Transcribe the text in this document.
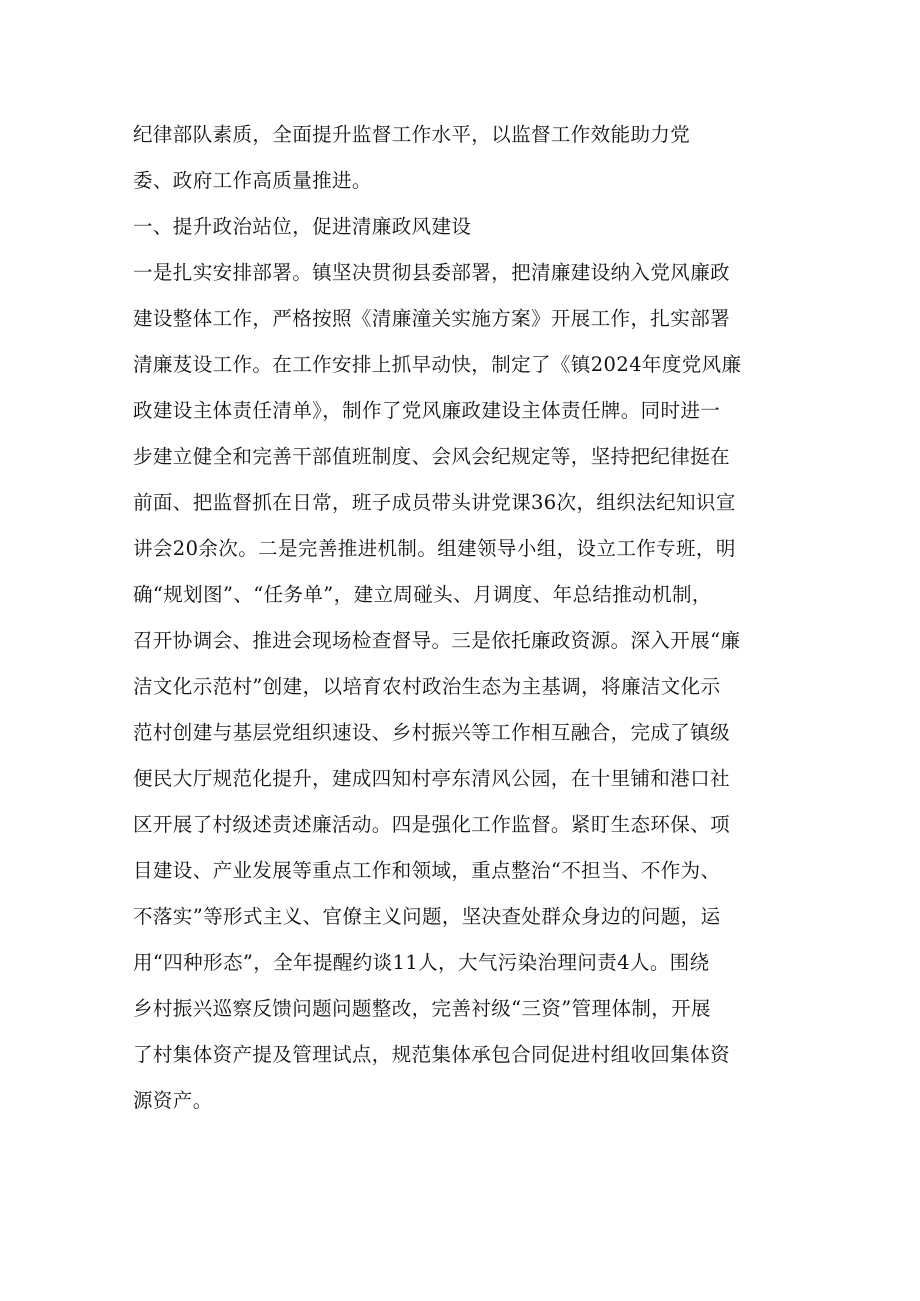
纪律部队素质，全面提升监督工作水平，以监督工作效能助力党
委、政府工作高质量推进。
一、提升政治站位，促进清廉政风建设
一是扎实安排部署。镇坚决贯彻县委部署，把清廉建设纳入党风廉政
建设整体工作，严格按照《清廉潼关实施方案》开展工作，扎实部署
清廉芨设工作。在工作安排上抓早动快，制定了《镇2024年度党风廉
政建设主体责任清单》，制作了党风廉政建设主体责任牌。同时进一
步建立健全和完善干部值班制度、会风会纪规定等，坚持把纪律挺在
前面、把监督抓在日常，班子成员带头讲党课36次，组织法纪知识宣
讲会20余次。二是完善推进机制。组建领导小组，设立工作专班，明
确“规划图”、“任务单”，建立周碰头、月调度、年总结推动机制，
召开协调会、推进会现场检查督导。三是依托廉政资源。深入开展“廉
洁文化示范村”创建，以培育农村政治生态为主基调，将廉洁文化示
范村创建与基层党组织速设、乡村振兴等工作相互融合，完成了镇级
便民大厅规范化提升，建成四知村亭东清风公园，在十里铺和港口社
区开展了村级述责述廉活动。四是强化工作监督。紧盯生态环保、项
目建设、产业发展等重点工作和领域，重点整治“不担当、不作为、
不落实”等形式主义、官僚主义问题，坚决查处群众身边的问题，运
用“四种形态”，全年提醒约谈11人，大气污染治理问责4人。围绕
乡村振兴巡察反馈问题问题整改，完善衬级“三资”管理体制，开展
了村集体资产提及管理试点，规范集体承包合同促进村组收回集体资
源资产。
